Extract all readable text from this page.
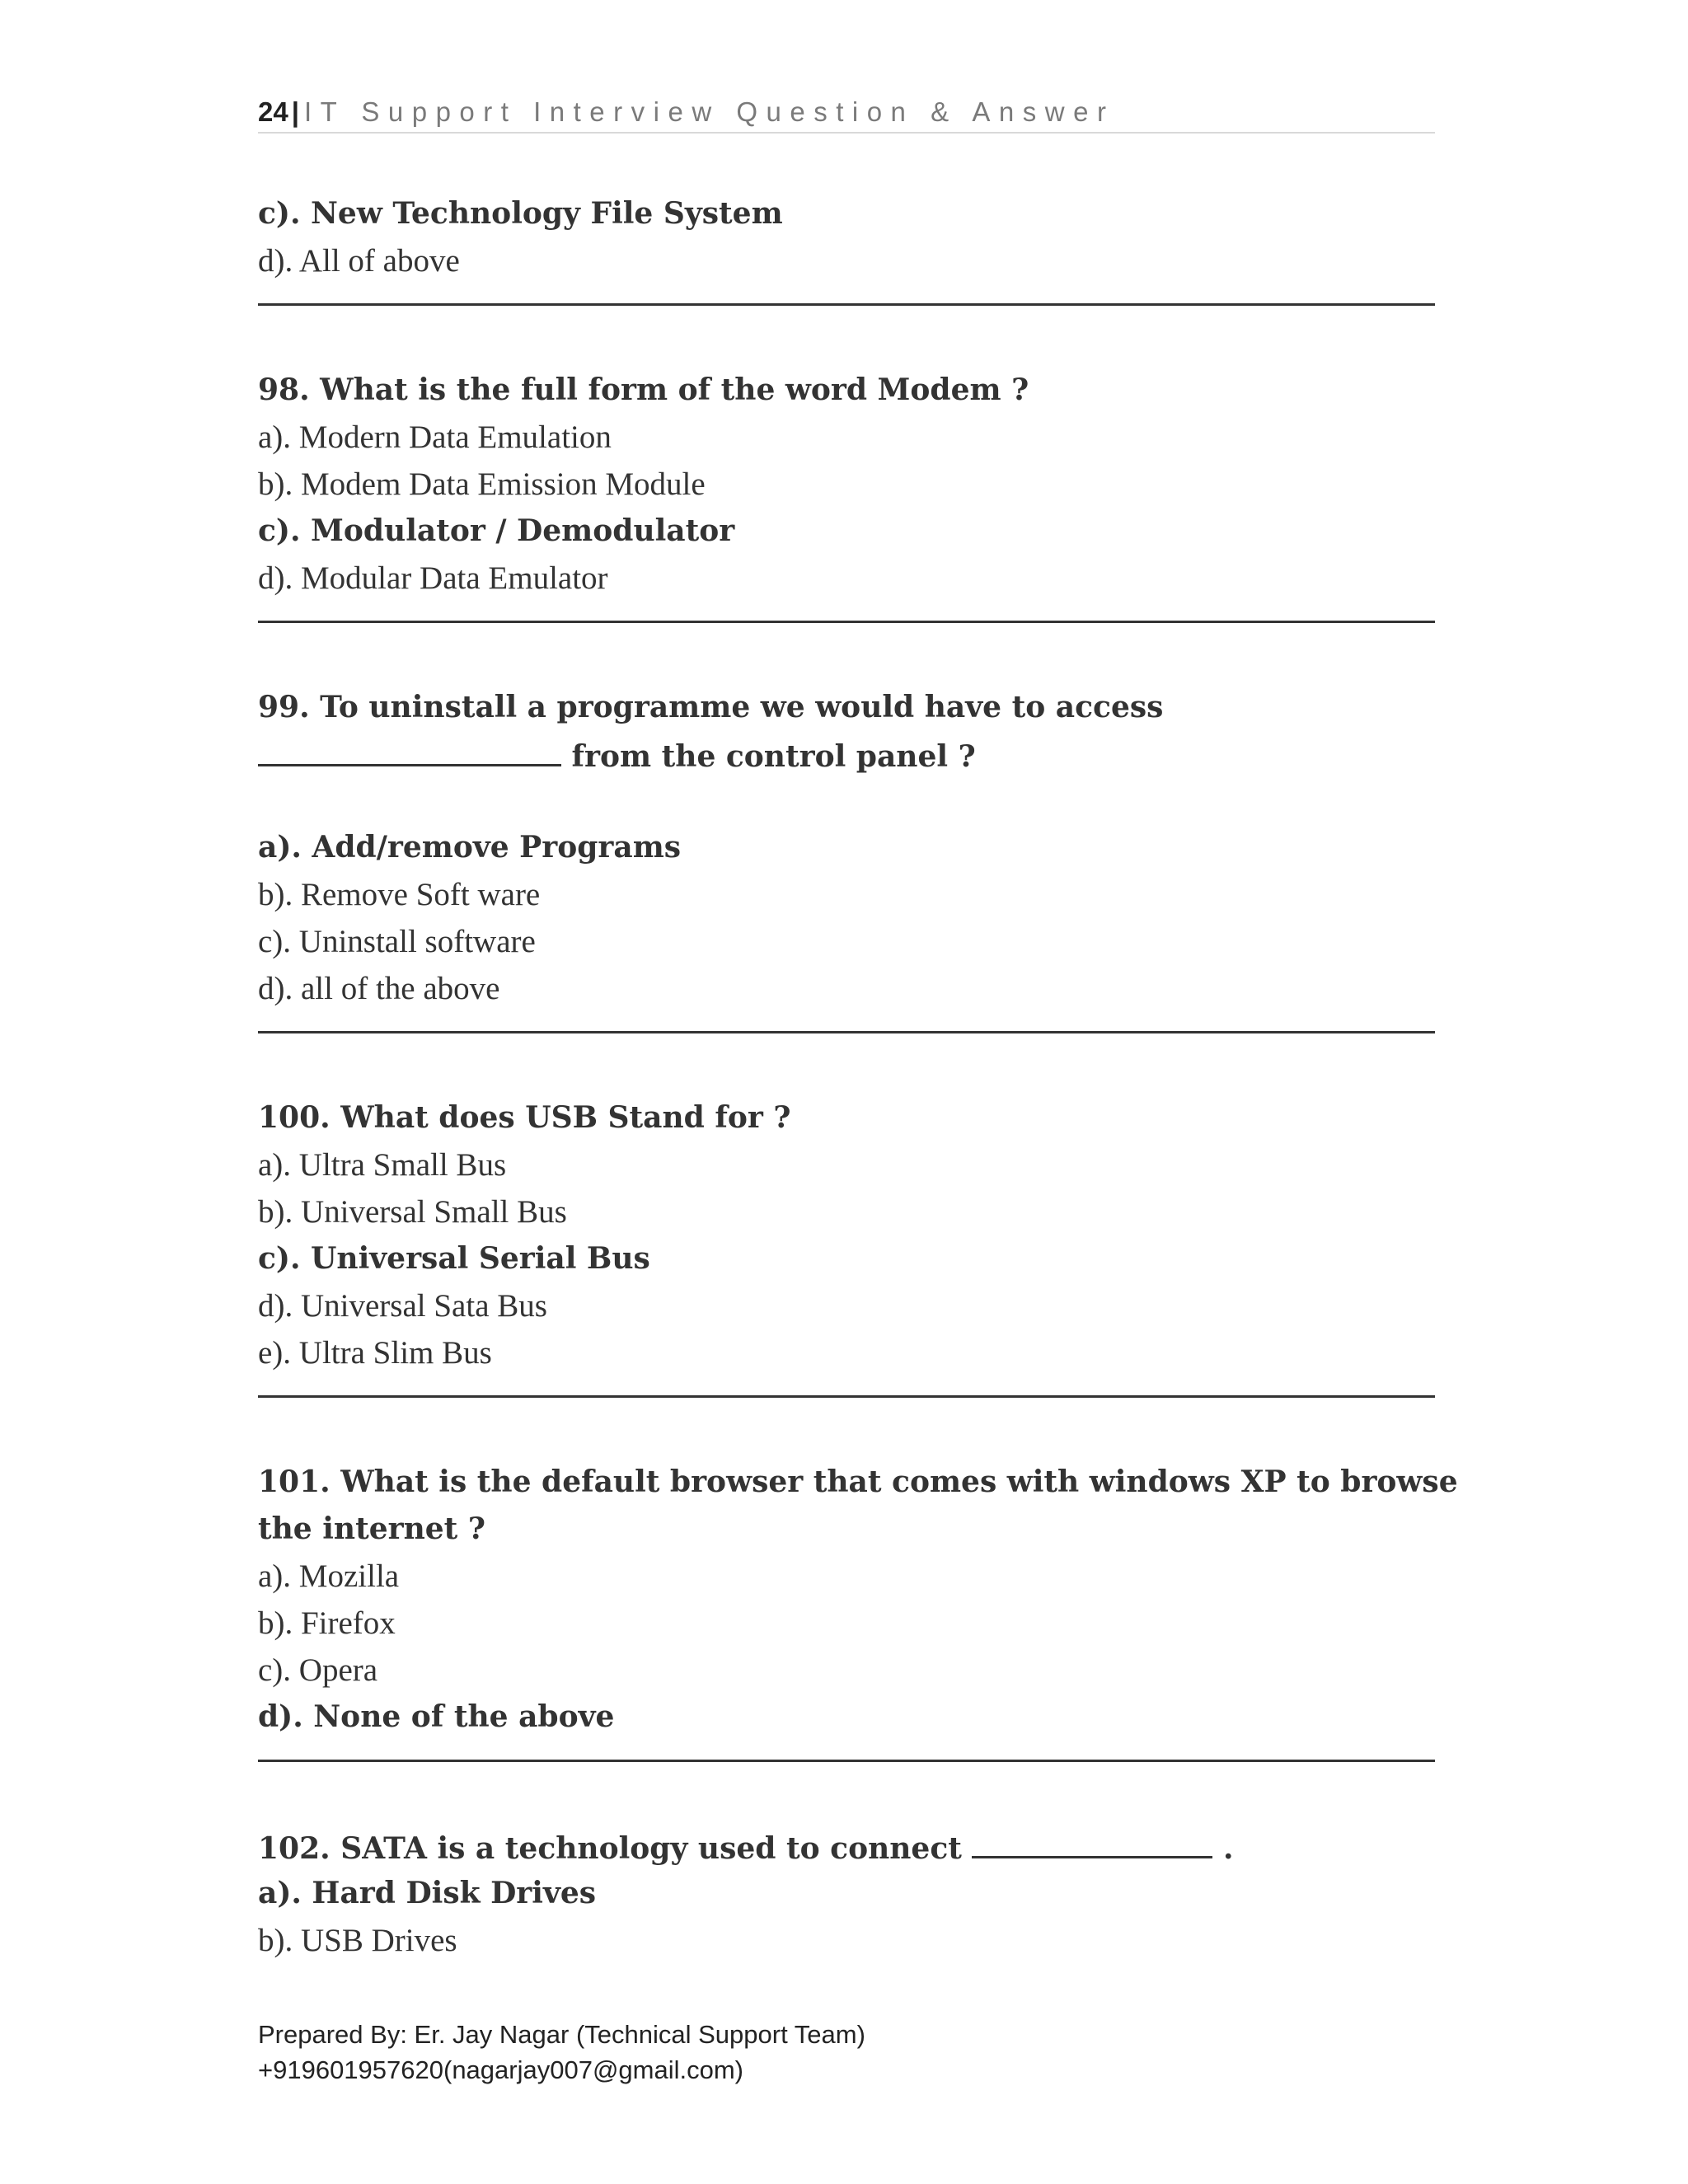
24 | IT Support Interview Question & Answer
c). New Technology File System
d). All of above
98. What is the full form of the word Modem ?
a). Modern Data Emulation
b). Modem Data Emission Module
c). Modulator / Demodulator
d). Modular Data Emulator
99. To uninstall a programme we would have to access
from the control panel ?
a). Add/remove Programs
b). Remove Soft ware
c). Uninstall software
d). all of the above
100. What does USB Stand for ?
a). Ultra Small Bus
b). Universal Small Bus
c). Universal Serial Bus
d). Universal Sata Bus
e). Ultra Slim Bus
101. What is the default browser that comes with windows XP to browse
the internet ?
a). Mozilla
b). Firefox
c). Opera
d). None of the above
102. SATA is a technology used to connect	.
a). Hard Disk Drives
b). USB Drives
Prepared By: Er. Jay Nagar (Technical Support Team)
+919601957620(nagarjay007@gmail.com)
